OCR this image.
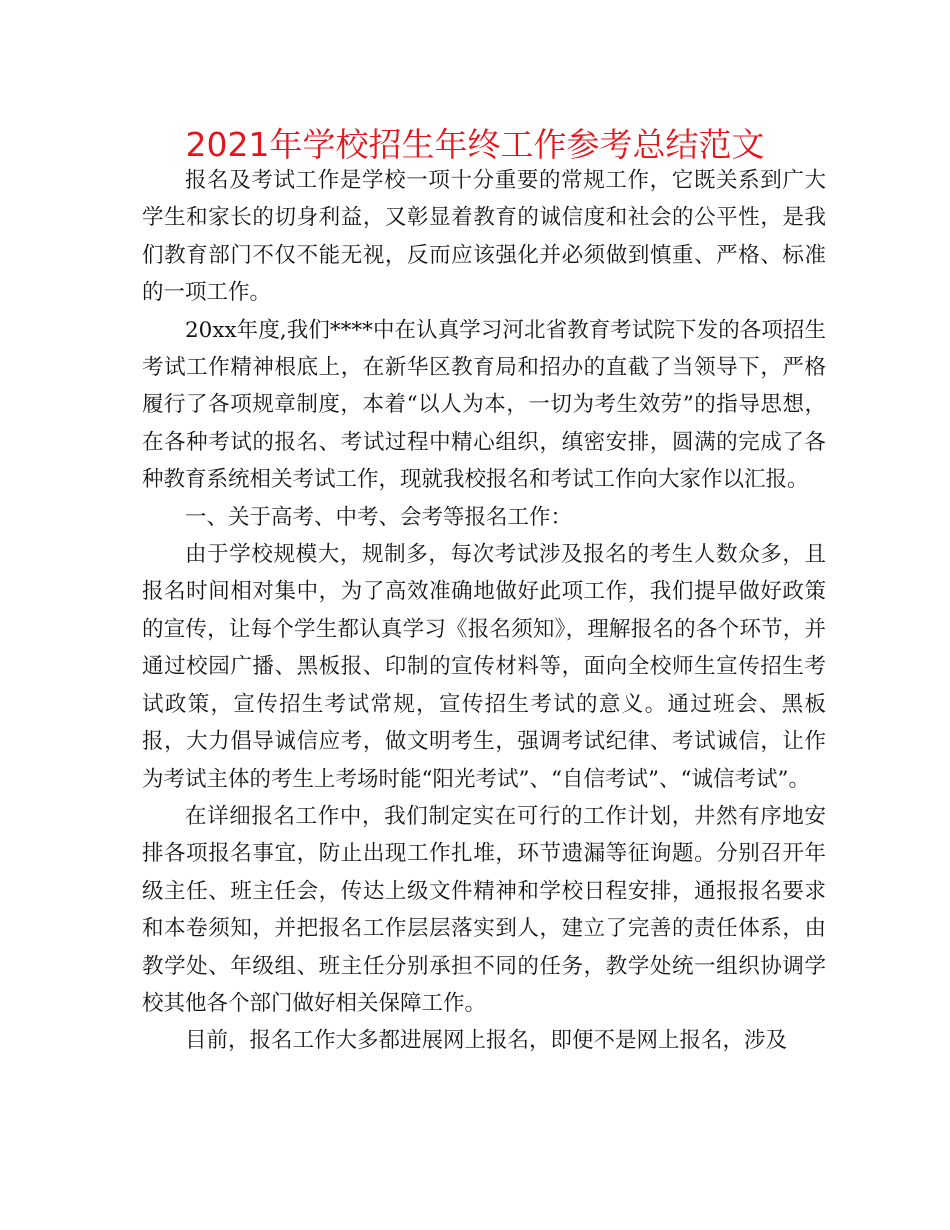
2021年学校招生年终工作参考总结范文

报名及考试工作是学校一项十分重要的常规工作，它既关系到广大学生和家长的切身利益，又彰显着教育的诚信度和社会的公平性，是我们教育部门不仅不能无视，反而应该强化并必须做到慎重、严格、标准的一项工作。

20xx年度,我们****中在认真学习河北省教育考试院下发的各项招生考试工作精神根底上，在新华区教育局和招办的直截了当领导下，严格履行了各项规章制度，本着“以人为本，一切为考生效劳”的指导思想，在各种考试的报名、考试过程中精心组织，缜密安排，圆满的完成了各种教育系统相关考试工作，现就我校报名和考试工作向大家作以汇报。

一、关于高考、中考、会考等报名工作：

由于学校规模大，规制多，每次考试涉及报名的考生人数众多，且报名时间相对集中，为了高效准确地做好此项工作，我们提早做好政策的宣传，让每个学生都认真学习《报名须知》，理解报名的各个环节，并通过校园广播、黑板报、印制的宣传材料等，面向全校师生宣传招生考试政策，宣传招生考试常规，宣传招生考试的意义。通过班会、黑板报，大力倡导诚信应考，做文明考生，强调考试纪律、考试诚信，让作为考试主体的考生上考场时能“阳光考试”、“自信考试”、“诚信考试”。

在详细报名工作中，我们制定实在可行的工作计划，井然有序地安排各项报名事宜，防止出现工作扎堆，环节遗漏等征询题。分别召开年级主任、班主任会，传达上级文件精神和学校日程安排，通报报名要求和本卷须知，并把报名工作层层落实到人，建立了完善的责任体系，由教学处、年级组、班主任分别承担不同的任务，教学处统一组织协调学校其他各个部门做好相关保障工作。

目前，报名工作大多都进展网上报名，即便不是网上报名，涉及
